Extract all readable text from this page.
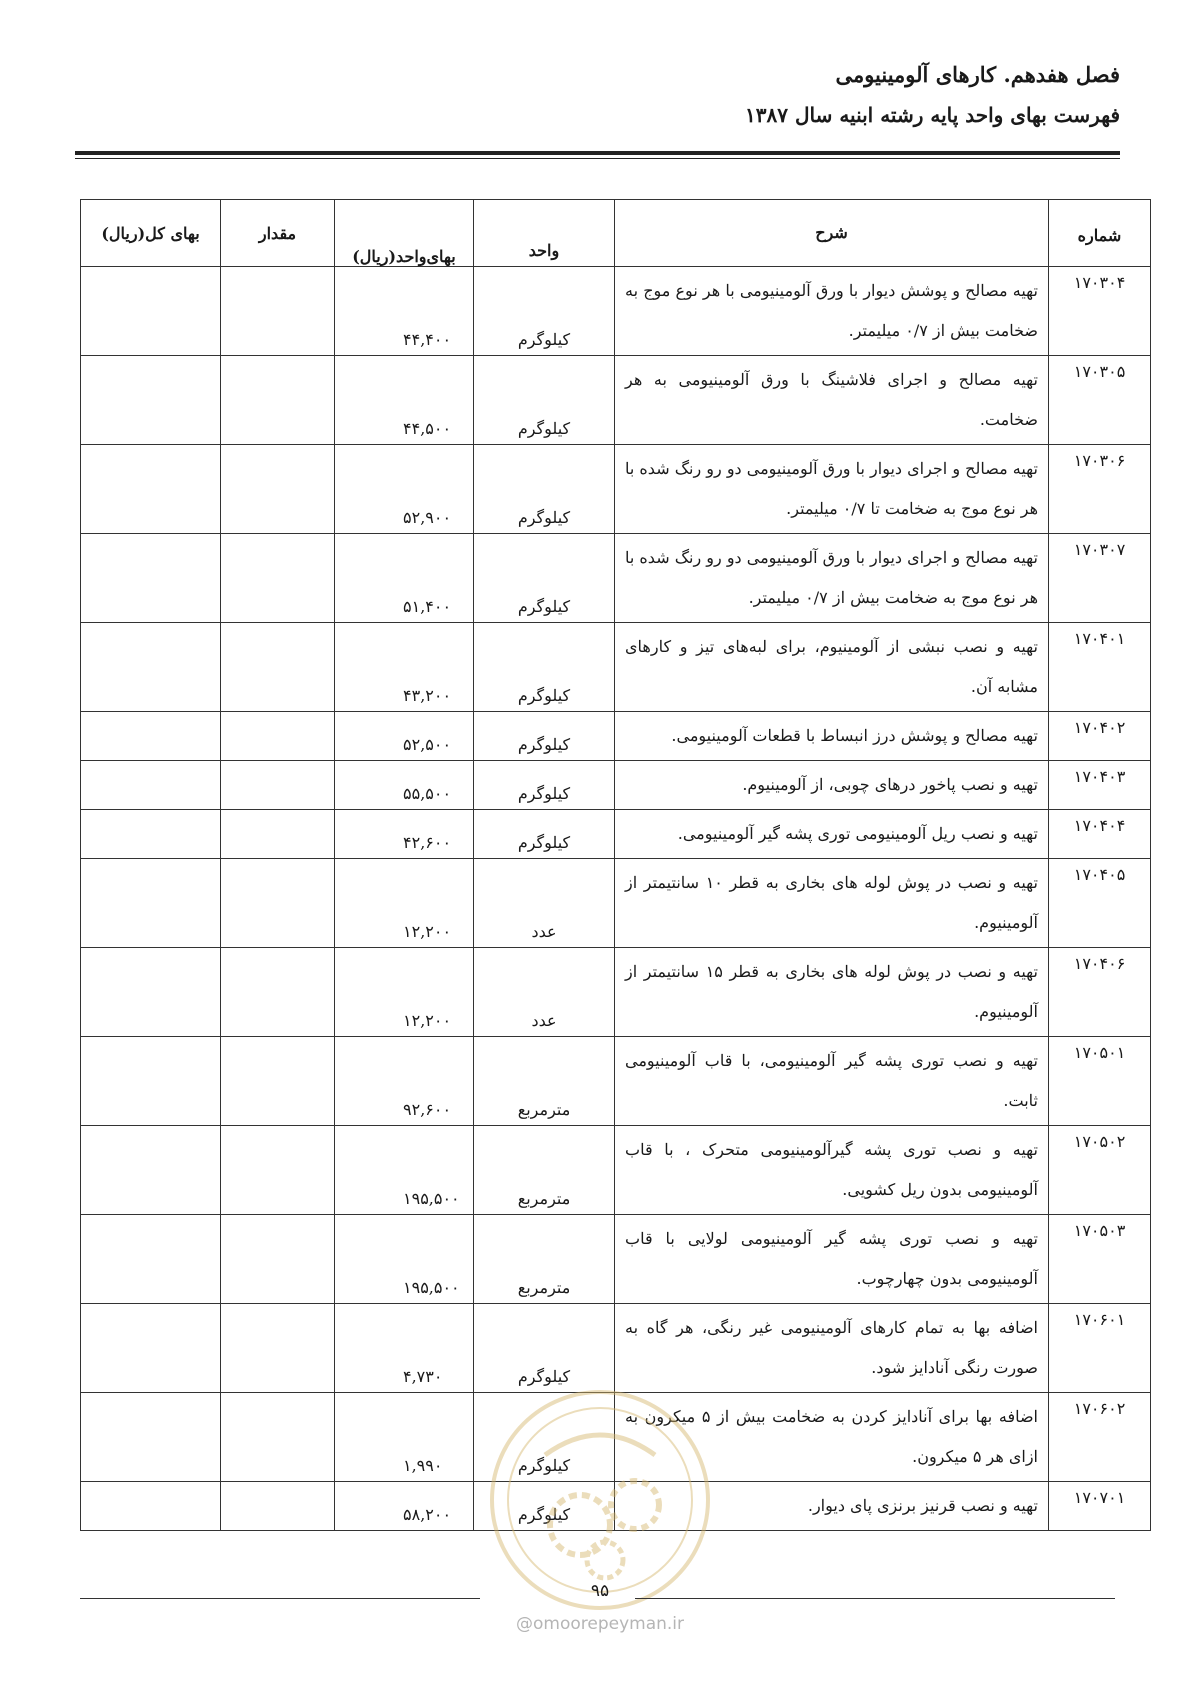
فصل هفدهم. کارهای آلومینیومی
فهرست بهای واحد پایه رشته ابنیه سال ۱۳۸۷
شماره	شرح	واحد	بهای‌واحد(ریال)	مقدار	بهای کل(ریال)
۱۷۰۳۰۴	تهیه مصالح و پوشش دیوار با ورق آلومینیومی با هر نوع موج به ضخامت بیش از ۰/۷ میلیمتر.	کیلوگرم	۴۴,۴۰۰		
۱۷۰۳۰۵	تهیه مصالح و اجرای فلاشینگ با ورق آلومینیومی به هر ضخامت.	کیلوگرم	۴۴,۵۰۰		
۱۷۰۳۰۶	تهیه مصالح و اجرای دیوار با ورق آلومینیومی دو رو رنگ شده با هر نوع موج به ضخامت تا ۰/۷ میلیمتر.	کیلوگرم	۵۲,۹۰۰		
۱۷۰۳۰۷	تهیه مصالح و اجرای دیوار با ورق آلومینیومی دو رو رنگ شده با هر نوع موج به ضخامت بیش از ۰/۷ میلیمتر.	کیلوگرم	۵۱,۴۰۰		
۱۷۰۴۰۱	تهیه و نصب نبشی از آلومینیوم، برای لبه‌های تیز و کارهای مشابه آن.	کیلوگرم	۴۳,۲۰۰		
۱۷۰۴۰۲	تهیه مصالح و پوشش درز انبساط با قطعات آلومینیومی.	کیلوگرم	۵۲,۵۰۰		
۱۷۰۴۰۳	تهیه و نصب پاخور درهای چوبی، از آلومینیوم.	کیلوگرم	۵۵,۵۰۰		
۱۷۰۴۰۴	تهیه و نصب ریل آلومینیومی توری پشه گیر آلومینیومی.	کیلوگرم	۴۲,۶۰۰		
۱۷۰۴۰۵	تهیه و نصب در پوش لوله های بخاری به قطر ۱۰ سانتیمتر از آلومینیوم.	عدد	۱۲,۲۰۰		
۱۷۰۴۰۶	تهیه و نصب در پوش لوله های بخاری به قطر ۱۵ سانتیمتر از آلومینیوم.	عدد	۱۲,۲۰۰		
۱۷۰۵۰۱	تهیه و نصب توری پشه گیر آلومینیومی، با قاب آلومینیومی ثابت.	مترمربع	۹۲,۶۰۰		
۱۷۰۵۰۲	تهیه و نصب توری پشه گیرآلومینیومی متحرک ، با قاب آلومینیومی بدون ریل کشویی.	مترمربع	۱۹۵,۵۰۰		
۱۷۰۵۰۳	تهیه و نصب توری پشه گیر آلومینیومی لولایی با قاب آلومینیومی بدون چهارچوب.	مترمربع	۱۹۵,۵۰۰		
۱۷۰۶۰۱	اضافه بها به تمام کارهای آلومینیومی غیر رنگی، هر گاه به صورت رنگی آنادایز شود.	کیلوگرم	۴,۷۳۰		
۱۷۰۶۰۲	اضافه بها برای آنادایز کردن به ضخامت بیش از ۵ میکرون به ازای هر ۵ میکرون.	کیلوگرم	۱,۹۹۰		
۱۷۰۷۰۱	تهیه و نصب قرنیز برنزی پای دیوار.	کیلوگرم	۵۸,۲۰۰		
۹۵
@omoorepeyman.ir
